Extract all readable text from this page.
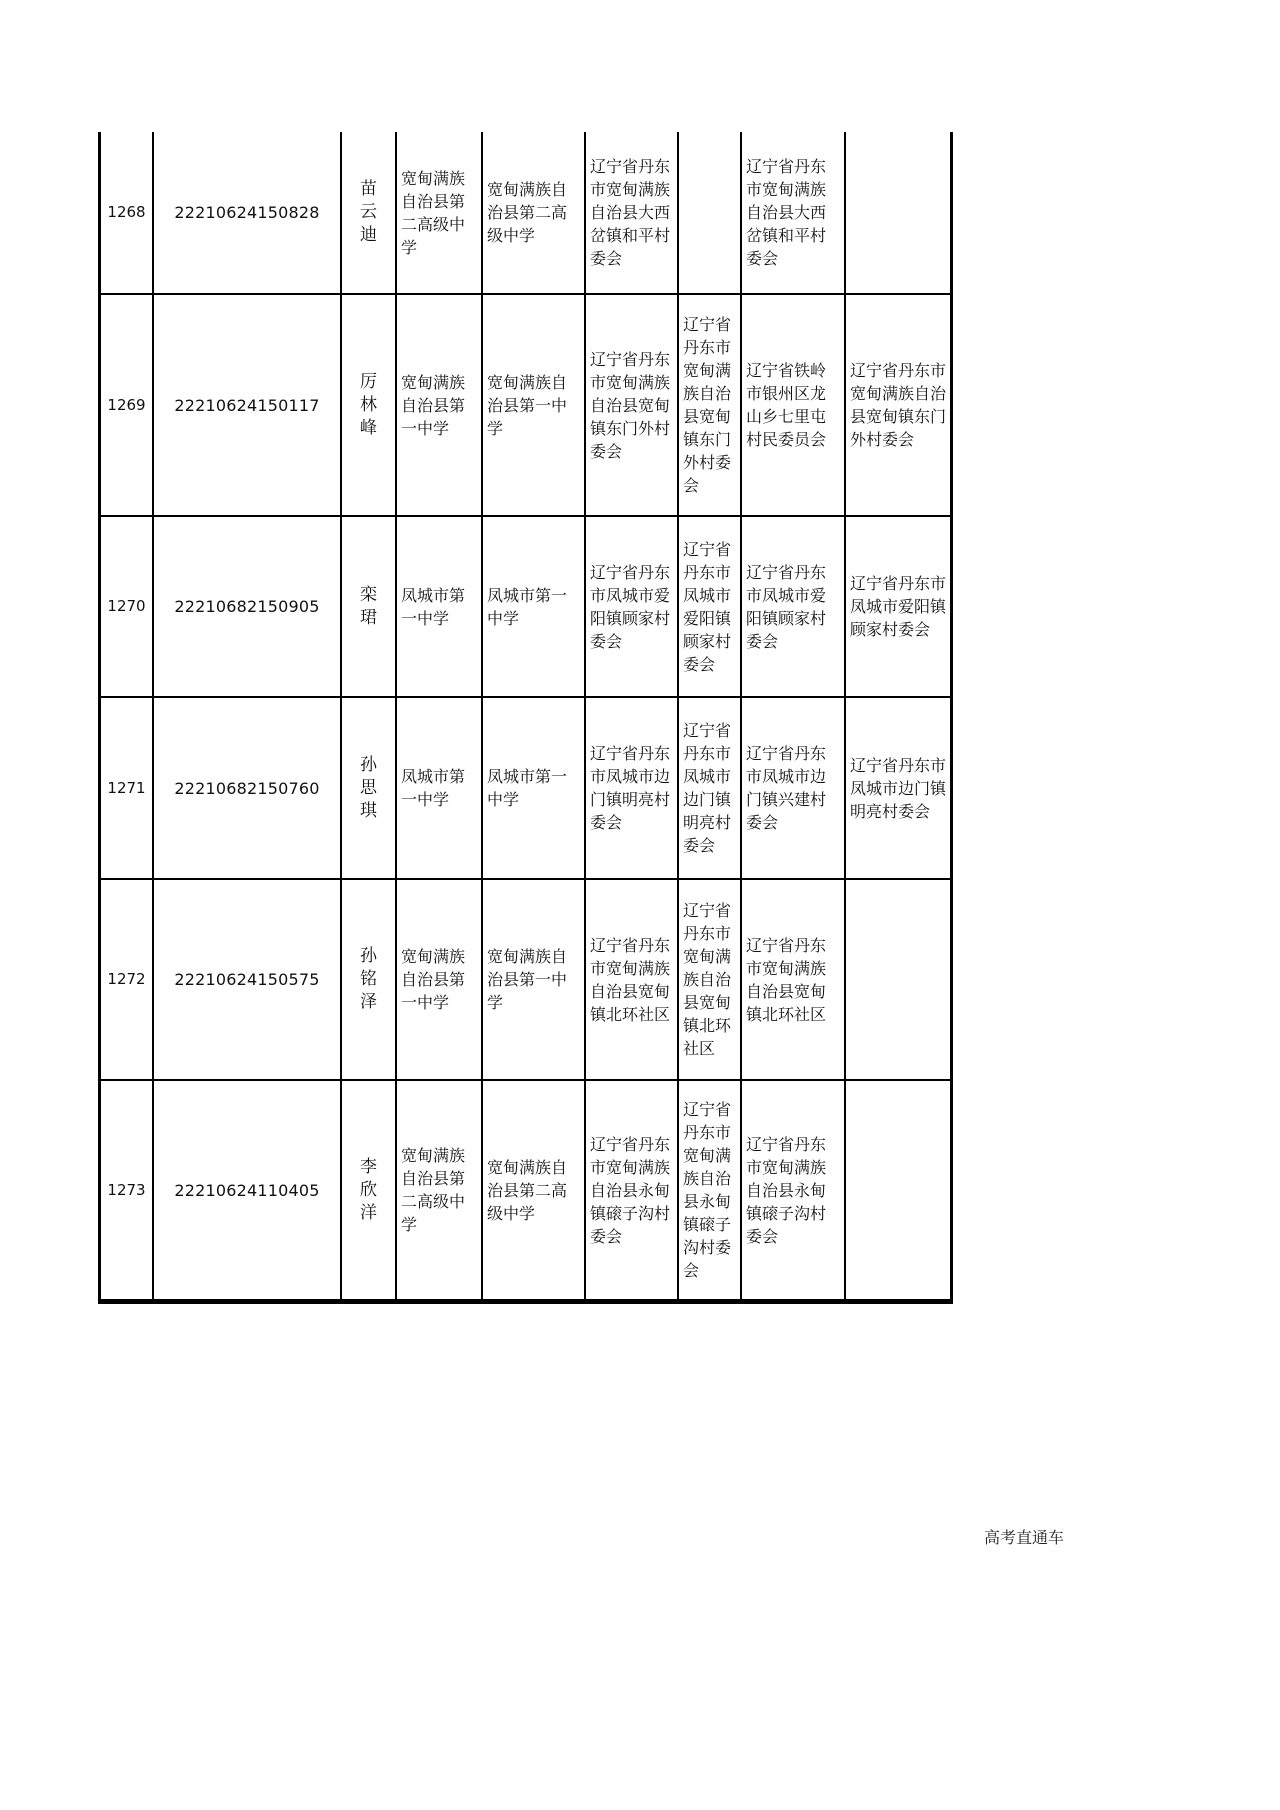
1268	22210624150828	苗云迪	宽甸满族自治县第二高级中学	宽甸满族自治县第二高级中学	辽宁省丹东市宽甸满族自治县大西岔镇和平村委会		辽宁省丹东市宽甸满族自治县大西岔镇和平村委会	
1269	22210624150117	厉林峰	宽甸满族自治县第一中学	宽甸满族自治县第一中学	辽宁省丹东市宽甸满族自治县宽甸镇东门外村委会	辽宁省丹东市宽甸满族自治县宽甸镇东门外村委会	辽宁省铁岭市银州区龙山乡七里屯村民委员会	辽宁省丹东市宽甸满族自治县宽甸镇东门外村委会
1270	22210682150905	栾珺	凤城市第一中学	凤城市第一中学	辽宁省丹东市凤城市爱阳镇顾家村委会	辽宁省丹东市凤城市爱阳镇顾家村委会	辽宁省丹东市凤城市爱阳镇顾家村委会	辽宁省丹东市凤城市爱阳镇顾家村委会
1271	22210682150760	孙思琪	凤城市第一中学	凤城市第一中学	辽宁省丹东市凤城市边门镇明亮村委会	辽宁省丹东市凤城市边门镇明亮村委会	辽宁省丹东市凤城市边门镇兴建村委会	辽宁省丹东市凤城市边门镇明亮村委会
1272	22210624150575	孙铭泽	宽甸满族自治县第一中学	宽甸满族自治县第一中学	辽宁省丹东市宽甸满族自治县宽甸镇北环社区	辽宁省丹东市宽甸满族自治县宽甸镇北环社区	辽宁省丹东市宽甸满族自治县宽甸镇北环社区	
1273	22210624110405	李欣洋	宽甸满族自治县第二高级中学	宽甸满族自治县第二高级中学	辽宁省丹东市宽甸满族自治县永甸镇磙子沟村委会	辽宁省丹东市宽甸满族自治县永甸镇磙子沟村委会	辽宁省丹东市宽甸满族自治县永甸镇磙子沟村委会	
高考直通车
